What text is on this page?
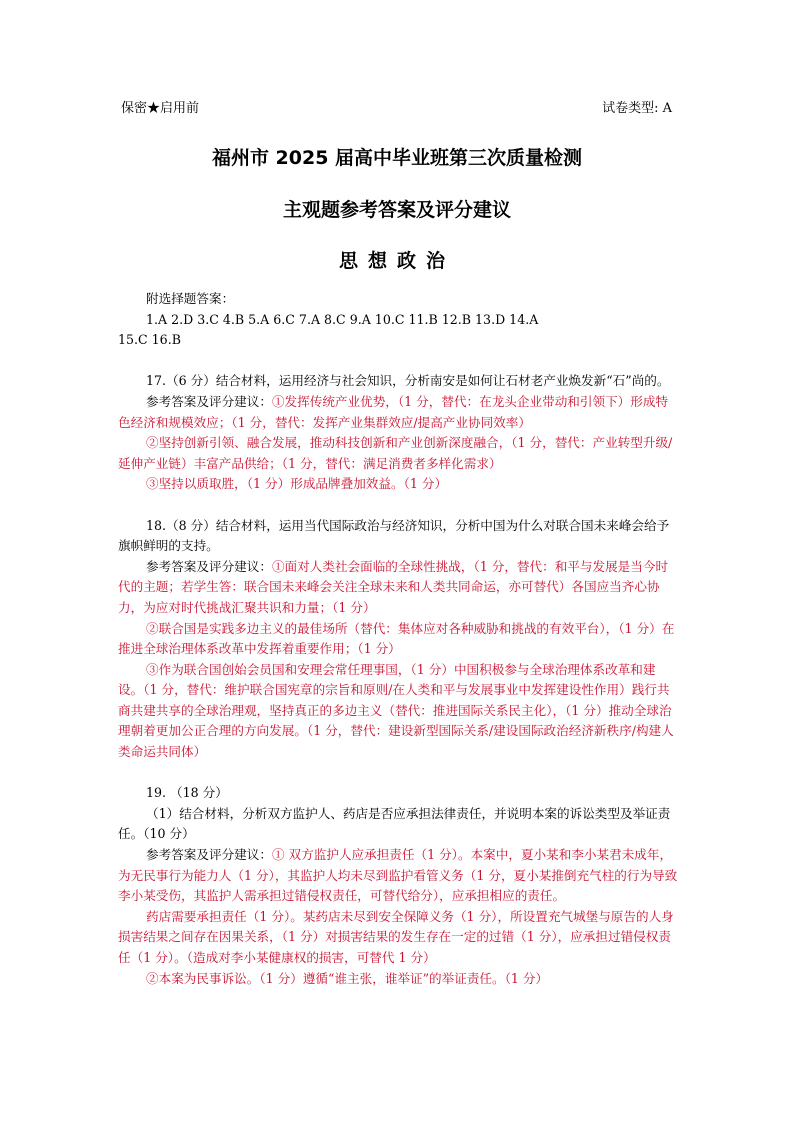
保密★启用前	试卷类型: A
福州市 2025 届高中毕业班第三次质量检测
主观题参考答案及评分建议
思想政治

附选择题答案：

1.A 2.D 3.C 4.B 5.A 6.C 7.A 8.C 9.A 10.C 11.B 12.B 13.D 14.A

15.C 16.B

17.（6 分）结合材料，运用经济与社会知识，分析南安是如何让石材老产业焕发新“石”尚的。

参考答案及评分建议：①发挥传统产业优势，（1 分，替代：在龙头企业带动和引领下）形成特色经济和规模效应；（1 分，替代：发挥产业集群效应/提高产业协同效率）

②坚持创新引领、融合发展，推动科技创新和产业创新深度融合，（1 分，替代：产业转型升级/延伸产业链）丰富产品供给；（1 分，替代：满足消费者多样化需求）

③坚持以质取胜，（1 分）形成品牌叠加效益。（1 分）

18.（8 分）结合材料，运用当代国际政治与经济知识，分析中国为什么对联合国未来峰会给予旗帜鲜明的支持。

参考答案及评分建议：①面对人类社会面临的全球性挑战，（1 分，替代：和平与发展是当今时代的主题；若学生答：联合国未来峰会关注全球未来和人类共同命运，亦可替代）各国应当齐心协力，为应对时代挑战汇聚共识和力量；（1 分）

②联合国是实践多边主义的最佳场所（替代：集体应对各种威胁和挑战的有效平台），（1 分）在推进全球治理体系改革中发挥着重要作用；（1 分）

③作为联合国创始会员国和安理会常任理事国，（1 分）中国积极参与全球治理体系改革和建设。（1 分，替代：维护联合国宪章的宗旨和原则/在人类和平与发展事业中发挥建设性作用）践行共商共建共享的全球治理观，坚持真正的多边主义（替代：推进国际关系民主化），（1 分）推动全球治理朝着更加公正合理的方向发展。（1 分，替代：建设新型国际关系/建设国际政治经济新秩序/构建人类命运共同体）

19. （18 分）

（1）结合材料，分析双方监护人、药店是否应承担法律责任，并说明本案的诉讼类型及举证责任。（10 分）

参考答案及评分建议：① 双方监护人应承担责任（1 分）。本案中，夏小某和李小某君未成年，为无民事行为能力人（1 分），其监护人均未尽到监护看管义务（1 分，夏小某推倒充气柱的行为导致李小某受伤，其监护人需承担过错侵权责任，可替代给分），应承担相应的责任。

药店需要承担责任（1 分）。某药店未尽到安全保障义务（1 分），所设置充气城堡与原告的人身损害结果之间存在因果关系，（1 分）对损害结果的发生存在一定的过错（1 分），应承担过错侵权责任（1 分）。（造成对李小某健康权的损害，可替代 1 分）

②本案为民事诉讼。（1 分）遵循“谁主张，谁举证”的举证责任。（1 分）
